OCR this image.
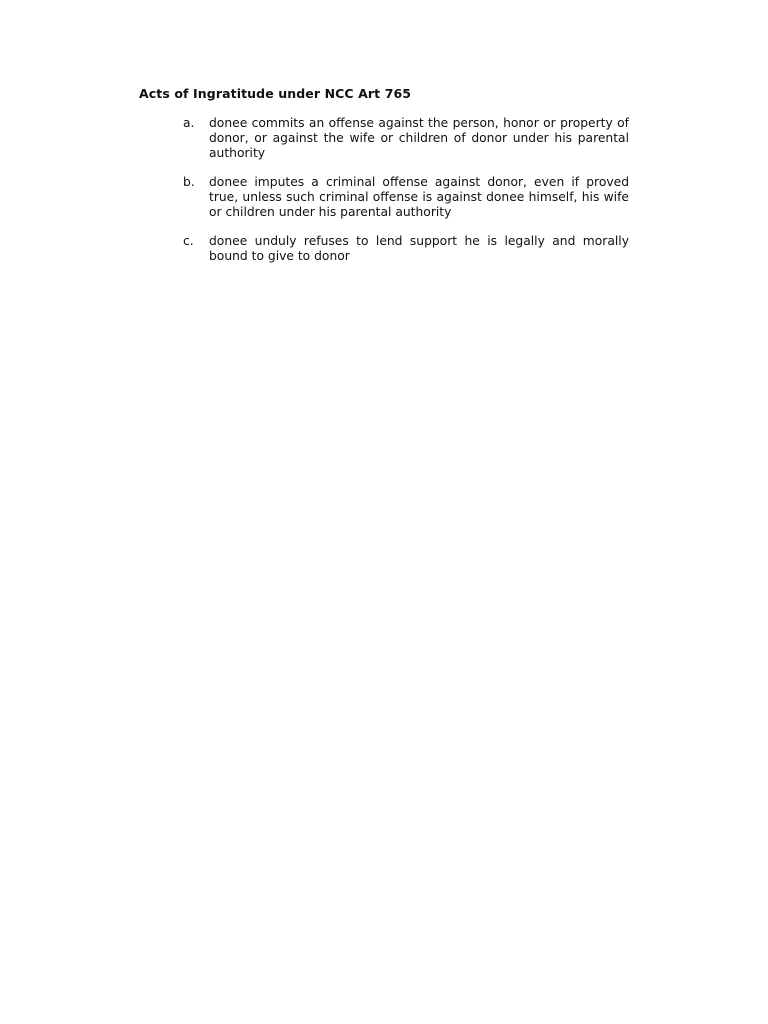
Acts of Ingratitude under NCC Art 765
a.	donee commits an offense against the person, honor or property of donor, or against the wife or children of donor under his parental authority
b.	donee imputes a criminal offense against donor, even if proved true, unless such criminal offense is against donee himself, his wife or children under his parental authority
c.	donee unduly refuses to lend support he is legally and morally bound to give to donor
